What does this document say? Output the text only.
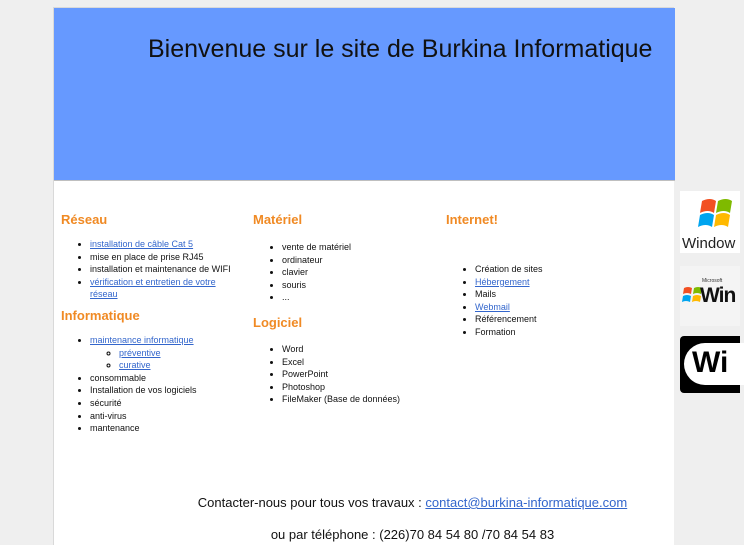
Bienvenue sur le site de Burkina Informatique
Réseau
• installation de câble Cat 5
• mise en place de prise RJ45
• installation et maintenance de WIFI
• vérification et entretien de votre réseau
Informatique
• maintenance informatique
◦ préventive
◦ curative
• consommable
• Installation de vos logiciels
• sécurité
• anti-virus
• mantenance
Matériel
• vente de matériel
• ordinateur
• clavier
• souris
• ...
Logiciel
• Word
• Excel
• PowerPoint
• Photoshop
• FileMaker (Base de données)
Internet!
• Création de sites
• Hébergement
• Mails
• Webmail
• Référencement
• Formation

Contacter-nous pour tous vos travaux : contact@burkina-informatique.com

ou par téléphone : (226)70 84 54 80 /70 84 54 83

Window
Microsoft
Win
Wi
